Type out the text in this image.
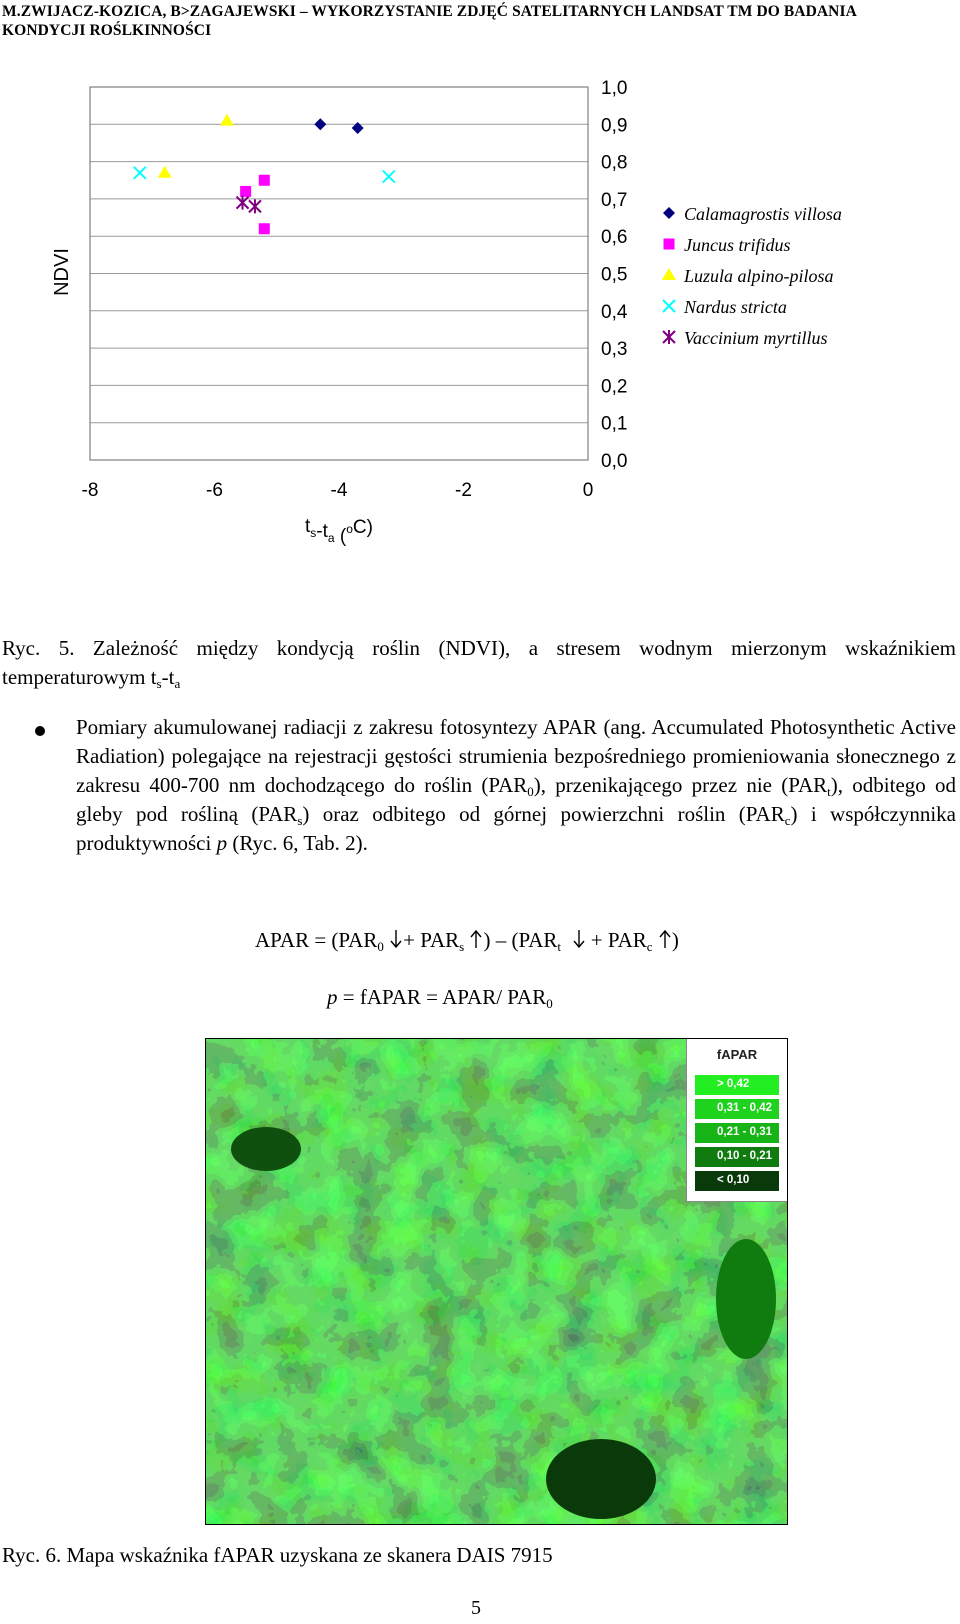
M.ZWIJACZ-KOZICA, B>ZAGAJEWSKI – WYKORZYSTANIE ZDJĘĆ SATELITARNYCH LANDSAT TM DO BADANIA
KONDYCJI ROŚLKINNOŚCI
1,0
0,9
0,8
0,7
0,6
0,5
0,4
0,3
0,2
0,1
0,0
-8	-6	-4	-2	0
NDVI
$t_s-t_a$ ($^o$C)
Calamagrostis villosa
Juncus trifidus
Luzula alpino-pilosa
Nardus stricta
Vaccinium myrtillus
Ryc. 5. Zależność między kondycją roślin (NDVI), a stresem wodnym mierzonym wskaźnikiem temperaturowym $t_s-t_a$
Pomiary akumulowanej radiacji z zakresu fotosyntezy APAR (ang. Accumulated Photosynthetic Active Radiation) polegające na rejestracji gęstości strumienia bezpośredniego promieniowania słonecznego z zakresu 400-700 nm dochodzącego do roślin $(PAR_0)$, przenikającego przez nie $(PAR_t)$, odbitego od gleby pod rośliną $(PAR_s)$ oraz odbitego od górnej powierzchni roślin $(PAR_c)$ i współczynnika produktywności p (Ryc. 6, Tab. 2).
APAR = ($PAR_0 + PAR_s$ ) – ($PAR_t + PAR_c$ )
p = fAPAR = APAR/ $PAR_0$
fAPAR
> 0,42
0,31 - 0,42
0,21 - 0,31
0,10 - 0,21
< 0,10
Ryc. 6. Mapa wskaźnika fAPAR uzyskana ze skanera DAIS 7915
5
